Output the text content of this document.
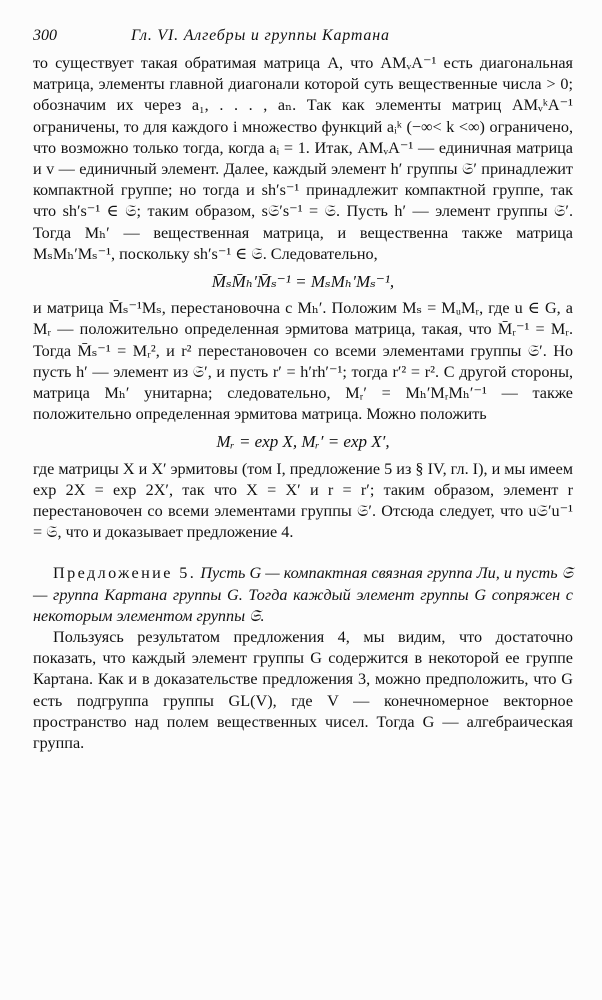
300	Гл. VI. Алгебры и группы Картана

то существует такая обратимая матрица A, что AMᵥA⁻¹ есть диагональная матрица, элементы главной диагонали которой суть вещественные числа > 0; обозначим их через a₁, . . . , aₙ. Так как элементы матриц AMᵥᵏA⁻¹ ограничены, то для каждого i множество функций aᵢᵏ (−∞< k <∞) ограничено, что возможно только тогда, когда aᵢ = 1. Итак, AMᵥA⁻¹ — единичная матрица и v — единичный элемент. Далее, каждый элемент h′ группы 𝔖′ принадлежит компактной группе; но тогда и sh′s⁻¹ принадлежит компактной группе, так что sh′s⁻¹ ∈ 𝔖; таким образом, s𝔖′s⁻¹ = 𝔖. Пусть h′ — элемент группы 𝔖′. Тогда Mₕ′ — вещественная матрица, и вещественна также матрица MₛMₕ′Mₛ⁻¹, поскольку sh′s⁻¹ ∈ 𝔖. Следовательно,

M̄ₛM̄ₕ′M̄ₛ⁻¹ = MₛMₕ′Mₛ⁻¹,

и матрица M̄ₛ⁻¹Mₛ, перестановочна с Mₕ′. Положим Mₛ = MᵤMᵣ, где u ∈ G, а Mᵣ — положительно определенная эрмитова матрица, такая, что M̄ᵣ⁻¹ = Mᵣ. Тогда M̄ₛ⁻¹ = Mᵣ², и r² перестановочен со всеми элементами группы 𝔖′. Но пусть h′ — элемент из 𝔖′, и пусть r′ = h′rh′⁻¹; тогда r′² = r². С другой стороны, матрица Mₕ′ унитарна; следовательно, Mᵣ′ = Mₕ′MᵣMₕ′⁻¹ — также положительно определенная эрмитова матрица. Можно положить

Mᵣ = exp X, Mᵣ′ = exp X′,

где матрицы X и X′ эрмитовы (том I, предложение 5 из § IV, гл. I), и мы имеем exp 2X = exp 2X′, так что X = X′ и r = r′; таким образом, элемент r перестановочен со всеми элементами группы 𝔖′. Отсюда следует, что u𝔖′u⁻¹ = 𝔖, что и доказывает предложение 4.

Предложение 5. Пусть G — компактная связная группа Ли, и пусть 𝔖 — группа Картана группы G. Тогда каждый элемент группы G сопряжен с некоторым элементом группы 𝔖.

Пользуясь результатом предложения 4, мы видим, что достаточно показать, что каждый элемент группы G содержится в некоторой ее группе Картана. Как и в доказательстве предложения 3, можно предположить, что G есть подгруппа группы GL(V), где V — конечномерное векторное пространство над полем вещественных чисел. Тогда G — алгебраическая группа.
